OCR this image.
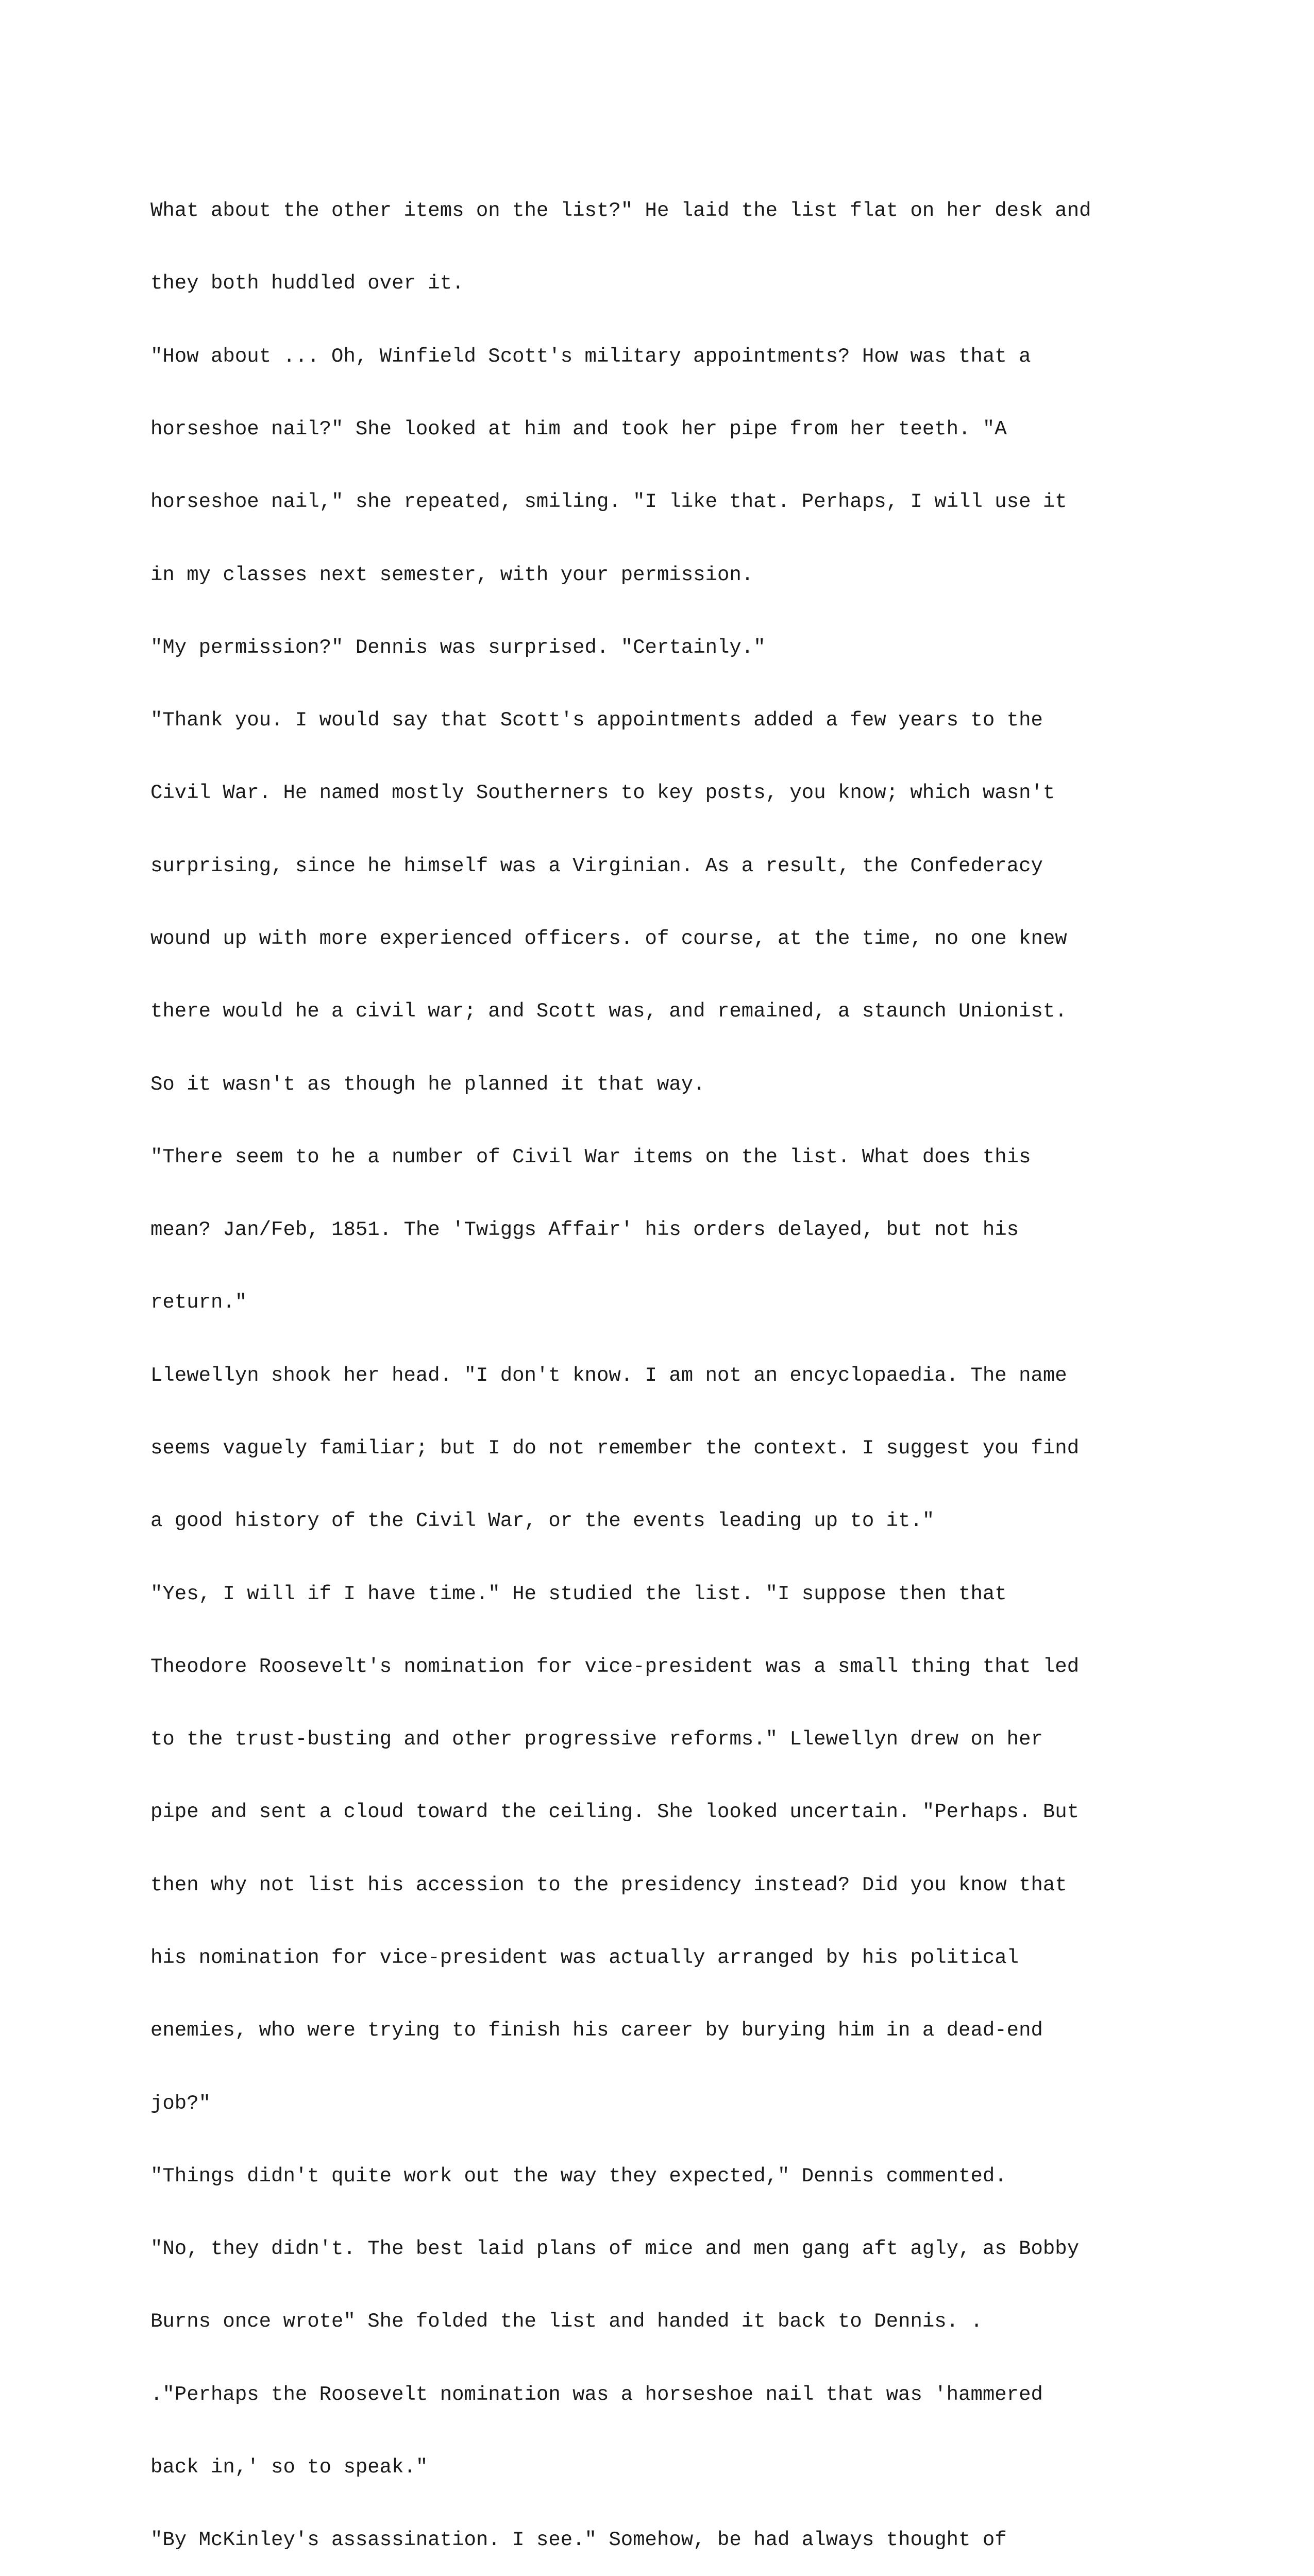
What about the other items on the list?" He laid the list flat on her desk and

they both huddled over it.

"How about ... Oh, Winfield Scott's military appointments? How was that a

horseshoe nail?" She looked at him and took her pipe from her teeth. "A

horseshoe nail," she repeated, smiling. "I like that. Perhaps, I will use it

in my classes next semester, with your permission.

"My permission?" Dennis was surprised. "Certainly."

"Thank you. I would say that Scott's appointments added a few years to the

Civil War. He named mostly Southerners to key posts, you know; which wasn't

surprising, since he himself was a Virginian. As a result, the Confederacy

wound up with more experienced officers. of course, at the time, no one knew

there would he a civil war; and Scott was, and remained, a staunch Unionist.

So it wasn't as though he planned it that way.

"There seem to he a number of Civil War items on the list. What does this

mean? Jan/Feb, 1851. The 'Twiggs Affair' his orders delayed, but not his

return."

Llewellyn shook her head. "I don't know. I am not an encyclopaedia. The name

seems vaguely familiar; but I do not remember the context. I suggest you find

a good history of the Civil War, or the events leading up to it."

"Yes, I will if I have time." He studied the list. "I suppose then that

Theodore Roosevelt's nomination for vice-president was a small thing that led

to the trust-busting and other progressive reforms." Llewellyn drew on her

pipe and sent a cloud toward the ceiling. She looked uncertain. "Perhaps. But

then why not list his accession to the presidency instead? Did you know that

his nomination for vice-president was actually arranged by his political

enemies, who were trying to finish his career by burying him in a dead-end

job?"

"Things didn't quite work out the way they expected," Dennis commented.

"No, they didn't. The best laid plans of mice and men gang aft agly, as Bobby

Burns once wrote" She folded the list and handed it back to Dennis. .

."Perhaps the Roosevelt nomination was a horseshoe nail that was 'hammered

back in,' so to speak."

"By McKinley's assassination. I see." Somehow, be had always thought of
